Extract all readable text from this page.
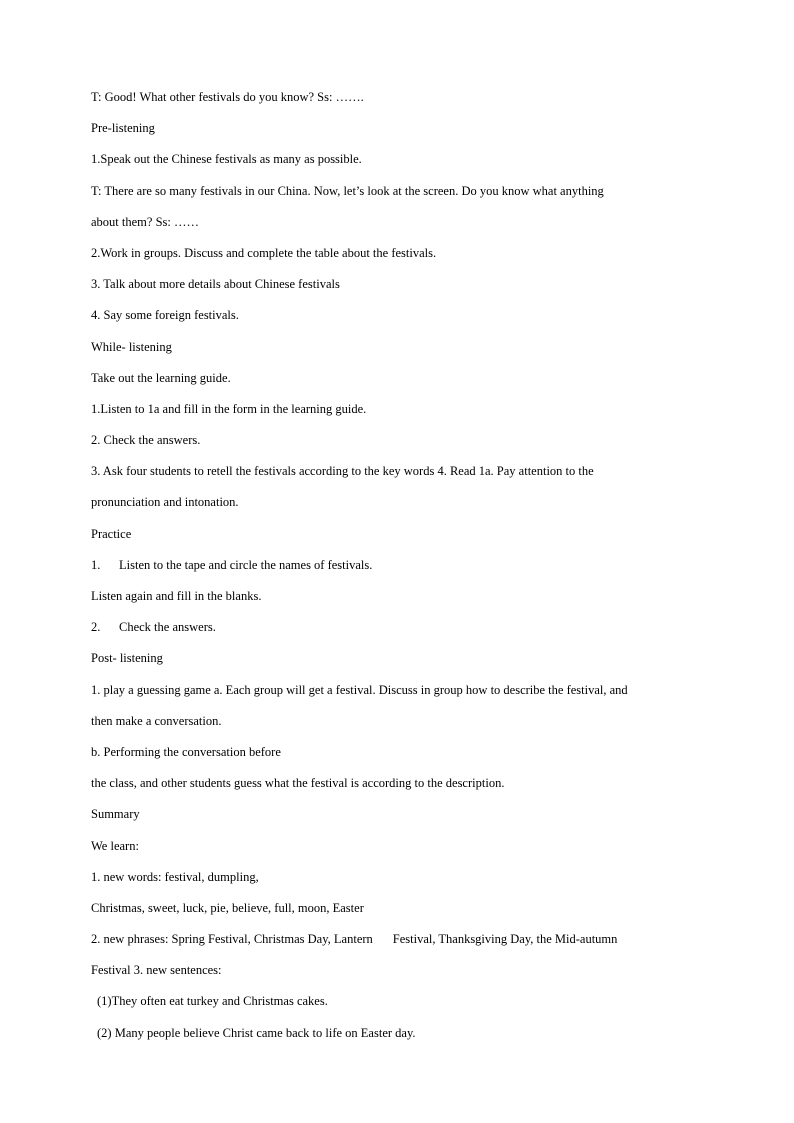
T: Good! What other festivals do you know? Ss: …….

Pre-listening

1.Speak out the Chinese festivals as many as possible.

T: There are so many festivals in our China. Now, let’s look at the screen. Do you know what anything

about them? Ss: ……

2.Work in groups. Discuss and complete the table about the festivals.

3. Talk about more details about Chinese festivals

4. Say some foreign festivals.

While- listening

Take out the learning guide.

1.Listen to 1a and fill in the form in the learning guide.

2. Check the answers.

3. Ask four students to retell the festivals according to the key words 4. Read 1a. Pay attention to the

pronunciation and intonation.

Practice

1. Listen to the tape and circle the names of festivals.

Listen again and fill in the blanks.

2. Check the answers.

Post- listening

1. play a guessing game a. Each group will get a festival. Discuss in group how to describe the festival, and

then make a conversation.

b. Performing the conversation before

the class, and other students guess what the festival is according to the description.

Summary

We learn:

1. new words: festival, dumpling,

Christmas, sweet, luck, pie, believe, full, moon, Easter

2. new phrases: Spring Festival, Christmas Day, Lantern Festival, Thanksgiving Day, the Mid-autumn

Festival 3. new sentences:

(1)They often eat turkey and Christmas cakes.

(2) Many people believe Christ came back to life on Easter day.
